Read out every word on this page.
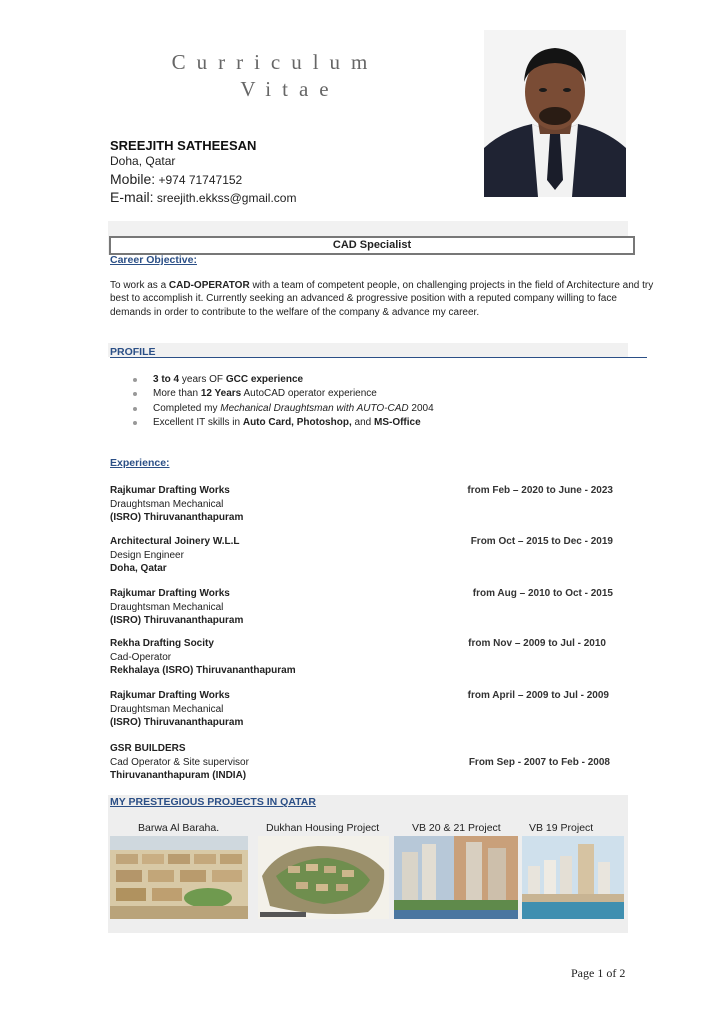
Curriculum
Vitae
SREEJITH SATHEESAN
Doha, Qatar
Mobile: +974 71747152
E-mail: sreejith.ekkss@gmail.com
CAD Specialist
Career Objective:
To work as a CAD-OPERATOR with a team of competent people, on challenging projects in the field of Architecture and try best to accomplish it. Currently seeking an advanced & progressive position with a reputed company willing to face demands in order to contribute to the welfare of the company & advance my career.
PROFILE
3 to 4 years OF GCC experience
More than 12 Years AutoCAD operator experience
Completed my Mechanical Draughtsman with AUTO-CAD 2004
Excellent IT skills in Auto Card, Photoshop, and MS-Office
Experience:
Rajkumar Drafting Works
Draughtsman Mechanical
(ISRO) Thiruvananthapuram
from Feb – 2020 to June - 2023
Architectural Joinery W.L.L
Design Engineer
Doha, Qatar
From Oct – 2015 to Dec - 2019
Rajkumar Drafting Works
Draughtsman Mechanical
(ISRO) Thiruvananthapuram
from Aug – 2010 to Oct - 2015
Rekha Drafting Socity
Cad-Operator
Rekhalaya (ISRO) Thiruvananthapuram
from Nov – 2009 to Jul - 2010
Rajkumar Drafting Works
Draughtsman Mechanical
(ISRO) Thiruvananthapuram
from April – 2009 to Jul - 2009
GSR BUILDERS
Cad Operator & Site supervisor
Thiruvananthapuram (INDIA)
From Sep - 2007 to Feb - 2008
MY PRESTEGIOUS PROJECTS IN QATAR
Barwa Al Baraha.	Dukhan Housing Project	VB 20 & 21 Project	VB 19 Project
Page 1 of 2
